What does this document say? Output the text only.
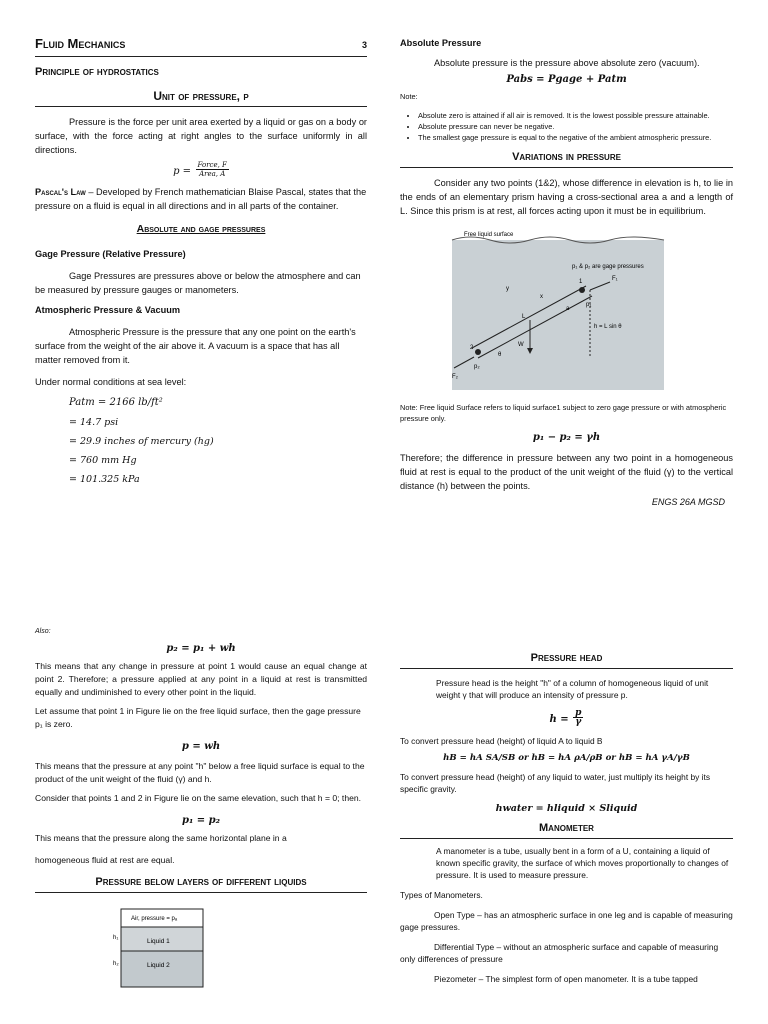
Fluid Mechanics	3
Principle of hydrostatics
Unit of pressure, p

Pressure is the force per unit area exerted by a liquid or gas on a body or surface, with the force acting at right angles to the surface uniformly in all directions.

$p = \frac{\text{Force, F}}{\text{Area, A}}$

Pascal's Law – Developed by French mathematician Blaise Pascal, states that the pressure on a fluid is equal in all directions and in all parts of the container.

Absolute and gage pressures
Gage Pressure (Relative Pressure)

Gage Pressures are pressures above or below the atmosphere and can be measured by pressure gauges or manometers.

Atmospheric Pressure & Vacuum

Atmospheric Pressure is the pressure that any one point on the earth's surface from the weight of the air above it. A vacuum is a space that has all matter removed from it.

Under normal conditions at sea level:

Patm = 2166 lb/ft²
= 14.7 psi
= 29.9 inches of mercury (hg)
= 760 mm Hg
= 101.325 kPa
Absolute Pressure

Absolute pressure is the pressure above absolute zero (vacuum).

Pabs = Pgage + Patm
Note:
• Absolute zero is attained if all air is removed. It is the lowest possible pressure attainable.
• Absolute pressure can never be negative.
• The smallest gage pressure is equal to the negative of the ambient atmospheric pressure.
Variations in pressure

Consider any two points (1&2), whose difference in elevation is h, to lie in the ends of an elementary prism having a cross-sectional area a and a length of L. Since this prism is at rest, all forces acting upon it must be in equilibrium.

Free liquid surface
p₁ & p₂ are gage pressures
1
2
F₁
F₂
p₁
p₂
h = L sin θ
W
θ
a
L
x
y

Note: Free liquid Surface refers to liquid surface1 subject to zero gage pressure or with atmospheric pressure only.

p₁ − p₂ = γh

Therefore; the difference in pressure between any two point in a homogeneous fluid at rest is equal to the product of the unit weight of the fluid (γ) to the vertical distance (h) between the points.

ENGS 26A MGSD
Also:
p₂ = p₁ + wh

This means that any change in pressure at point 1 would cause an equal change at point 2. Therefore; a pressure applied at any point in a liquid at rest is transmitted equally and undiminished to every other point in the liquid.

Let assume that point 1 in Figure lie on the free liquid surface, then the gage pressure p₁ is zero.

p = wh

This means that the pressure at any point "h" below a free liquid surface is equal to the product of the unit weight of the fluid (γ) and h.

Consider that points 1 and 2 in Figure lie on the same elevation, such that h = 0; then.

p₁ = p₂

This means that the pressure along the same horizontal plane in a

homogeneous fluid at rest are equal.

Pressure below layers of different liquids
Air, pressure = pₐ
Liquid 1
Liquid 2
h₁
h₂
Pressure head

Pressure head is the height "h" of a column of homogeneous liquid of unit weight γ that will produce an intensity of pressure p.

$h = \frac{p}{\gamma}$

To convert pressure head (height) of liquid A to liquid B

hB = hA SA/SB or hB = hA ρA/ρB or hB = hA γA/γB

To convert pressure head (height) of any liquid to water, just multiply its height by its specific gravity.

hwater = hliquid × Sliquid
Manometer

A manometer is a tube, usually bent in a form of a U, containing a liquid of known specific gravity, the surface of which moves proportionally to changes of pressure. It is used to measure pressure.

Types of Manometers.

Open Type – has an atmospheric surface in one leg and is capable of measuring gage pressures.

Differential Type – without an atmospheric surface and capable of measuring only differences of pressure

Piezometer – The simplest form of open manometer. It is a tube tapped
